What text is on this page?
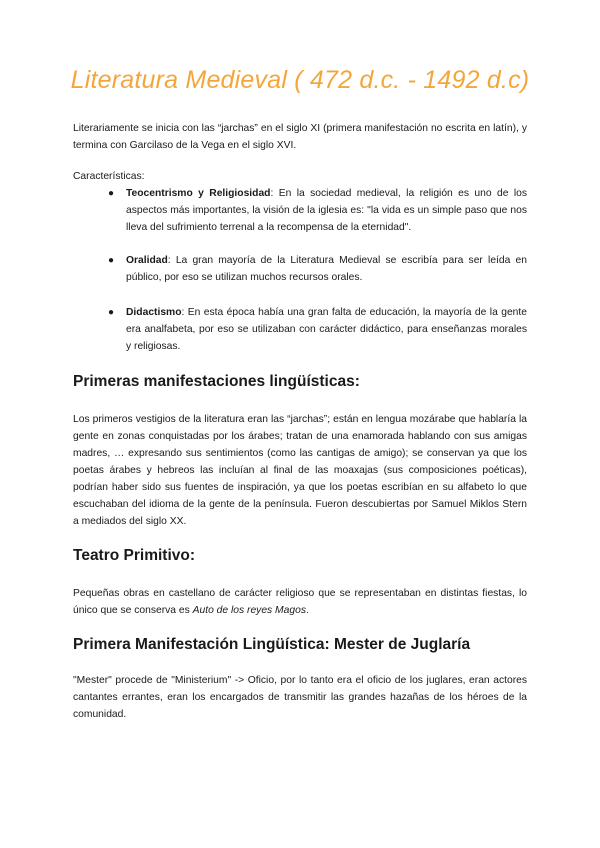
Literatura Medieval ( 472 d.c. - 1492 d.c)
Literariamente se inicia con las “jarchas” en el siglo XI (primera manifestación no escrita en latín), y termina con Garcilaso de la Vega en el siglo XVI.
Características:
● Teocentrismo y Religiosidad: En la sociedad medieval, la religión es uno de los aspectos más importantes, la visión de la iglesia es: "la vida es un simple paso que nos lleva del sufrimiento terrenal a la recompensa de la eternidad".
● Oralidad: La gran mayoría de la Literatura Medieval se escribía para ser leída en público, por eso se utilizan muchos recursos orales.
● Didactismo: En esta época había una gran falta de educación, la mayoría de la gente era analfabeta, por eso se utilizaban con carácter didáctico, para enseñanzas morales y religiosas.
Primeras manifestaciones lingüísticas:
Los primeros vestigios de la literatura eran las “jarchas”; están en lengua mozárabe que hablaría la gente en zonas conquistadas por los árabes; tratan de una enamorada hablando con sus amigas madres, … expresando sus sentimientos (como las cantigas de amigo); se conservan ya que los poetas árabes y hebreos las incluían al final de las moaxajas (sus composiciones poéticas), podrían haber sido sus fuentes de inspiración, ya que los poetas escribían en su alfabeto lo que escuchaban del idioma de la gente de la península. Fueron descubiertas por Samuel Miklos Stern a mediados del siglo XX.
Teatro Primitivo:
Pequeñas obras en castellano de carácter religioso que se representaban en distintas fiestas, lo único que se conserva es Auto de los reyes Magos.
Primera Manifestación Lingüística: Mester de Juglaría
"Mester" procede de "Ministerium" -> Oficio, por lo tanto era el oficio de los juglares, eran actores cantantes errantes, eran los encargados de transmitir las grandes hazañas de los héroes de la comunidad.
